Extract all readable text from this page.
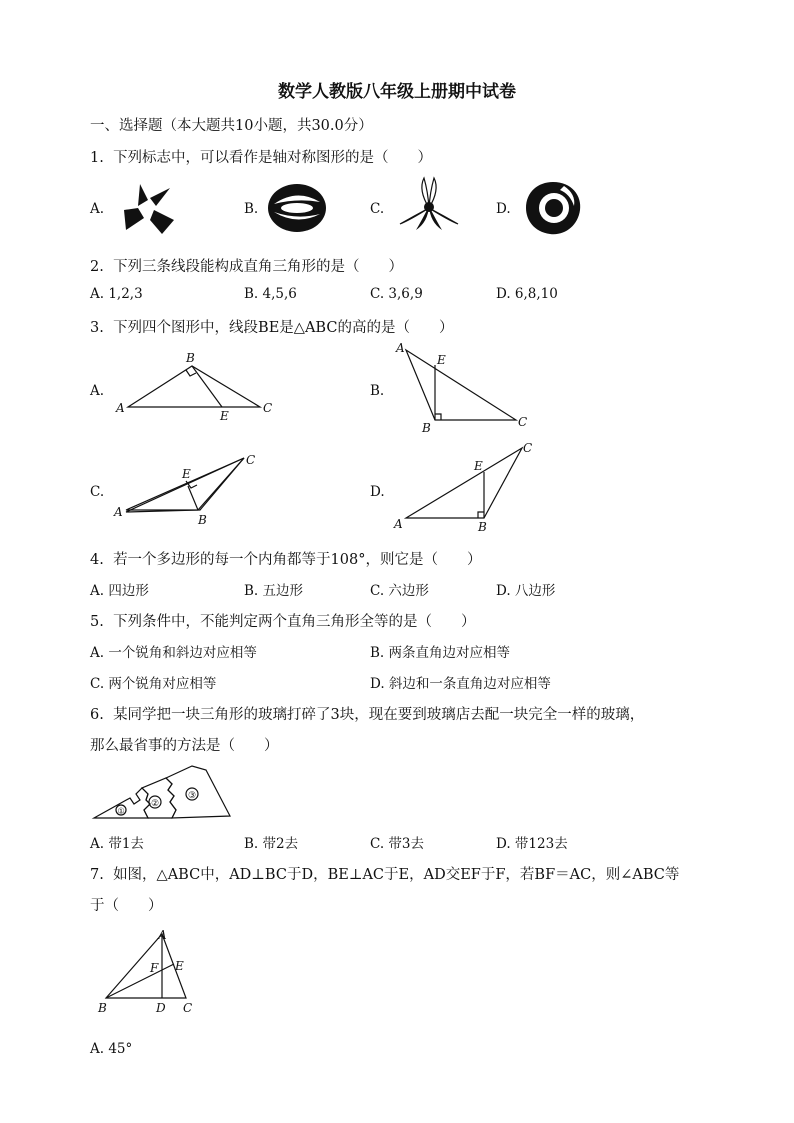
数学人教版八年级上册期中试卷
一、选择题（本大题共10小题，共30.0分）
1. 下列标志中，可以看作是轴对称图形的是（　　）
A.	B.	C.	D.
2. 下列三条线段能构成直角三角形的是（　　）
A. 1,2,3	B. 4,5,6	C. 3,6,9	D. 6,8,10
3. 下列四个图形中，线段BE是△ABC的高的是（　　）
A.	B.
C.	D.
A
B
C
E
A
E
B	C
A
E
C
B	A
E
C
B
4. 若一个多边形的每一个内角都等于108°，则它是（　　）
A. 四边形	B. 五边形	C. 六边形	D. 八边形
5. 下列条件中，不能判定两个直角三角形全等的是（　　）
A. 一个锐角和斜边对应相等	B. 两条直角边对应相等
C. 两个锐角对应相等	D. 斜边和一条直角边对应相等
6. 某同学把一块三角形的玻璃打碎了3块，现在要到玻璃店去配一块完全一样的玻璃，
那么最省事的方法是（　　）
①
②
③
A. 带1去	B. 带2去	C. 带3去	D. 带123去
7. 如图，△ABC中，AD⊥BC于D，BE⊥AC于E，AD交EF于F，若BF＝AC，则∠ABC等
于（　　）
A
F E
B	D C
A. 45°
